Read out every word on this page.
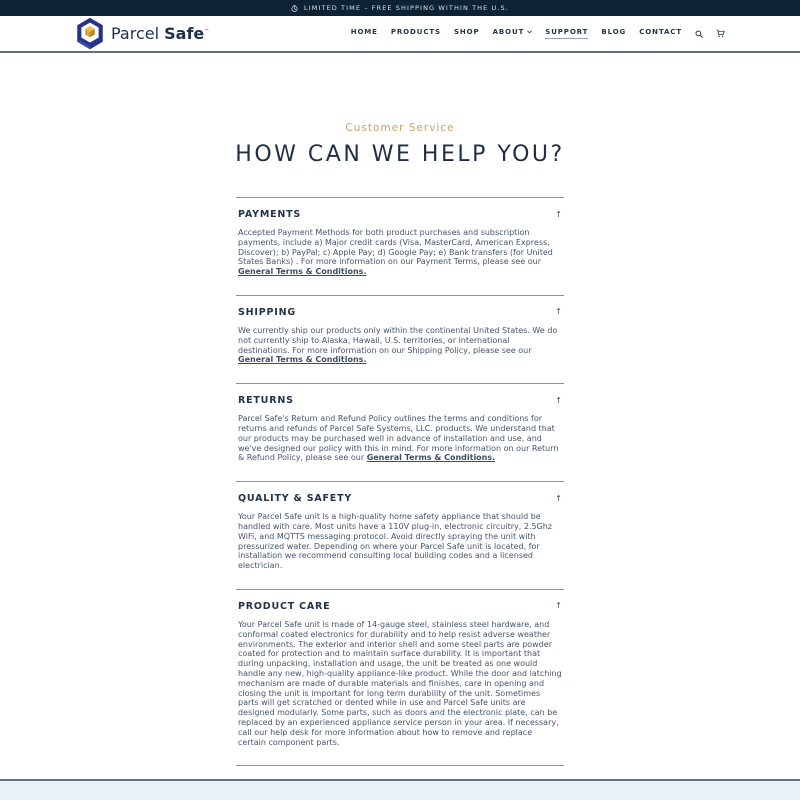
LIMITED TIME – FREE SHIPPING WITHIN THE U.S.
Parcel Safe™	HOME PRODUCTS SHOP ABOUT	SUPPORT BLOG CONTACT
Customer Service
HOW CAN WE HELP YOU?
PAYMENTS	↑

Accepted Payment Methods for both product purchases and subscription payments, include a) Major credit cards (Visa, MasterCard, American Express, Discover); b) PayPal; c) Apple Pay; d) Google Pay; e) Bank transfers (for United States Banks) . For more information on our Payment Terms, please see our General Terms & Conditions.

SHIPPING	↑

We currently ship our products only within the continental United States. We do not currently ship to Alaska, Hawaii, U.S. territories, or international destinations. For more information on our Shipping Policy, please see our General Terms & Conditions.

RETURNS	↑

Parcel Safe's Return and Refund Policy outlines the terms and conditions for returns and refunds of Parcel Safe Systems, LLC. products. We understand that our products may be purchased well in advance of installation and use, and we've designed our policy with this in mind. For more information on our Return & Refund Policy, please see our General Terms & Conditions.

QUALITY & SAFETY	↑

Your Parcel Safe unit is a high-quality home safety appliance that should be handled with care. Most units have a 110V plug-in, electronic circuitry, 2.5Ghz WiFi, and MQTTS messaging protocol. Avoid directly spraying the unit with pressurized water. Depending on where your Parcel Safe unit is located, for installation we recommend consulting local building codes and a licensed electrician.

PRODUCT CARE	↑

Your Parcel Safe unit is made of 14-gauge steel, stainless steel hardware, and conformal coated electronics for durability and to help resist adverse weather environments. The exterior and interior shell and some steel parts are powder coated for protection and to maintain surface durability. It is important that during unpacking, installation and usage, the unit be treated as one would handle any new, high-quality appliance-like product. While the door and latching mechanism are made of durable materials and finishes, care in opening and closing the unit is important for long term durability of the unit. Sometimes parts will get scratched or dented while in use and Parcel Safe units are designed modularly. Some parts, such as doors and the electronic plate, can be replaced by an experienced appliance service person in your area. If necessary, call our help desk for more information about how to remove and replace certain component parts.
